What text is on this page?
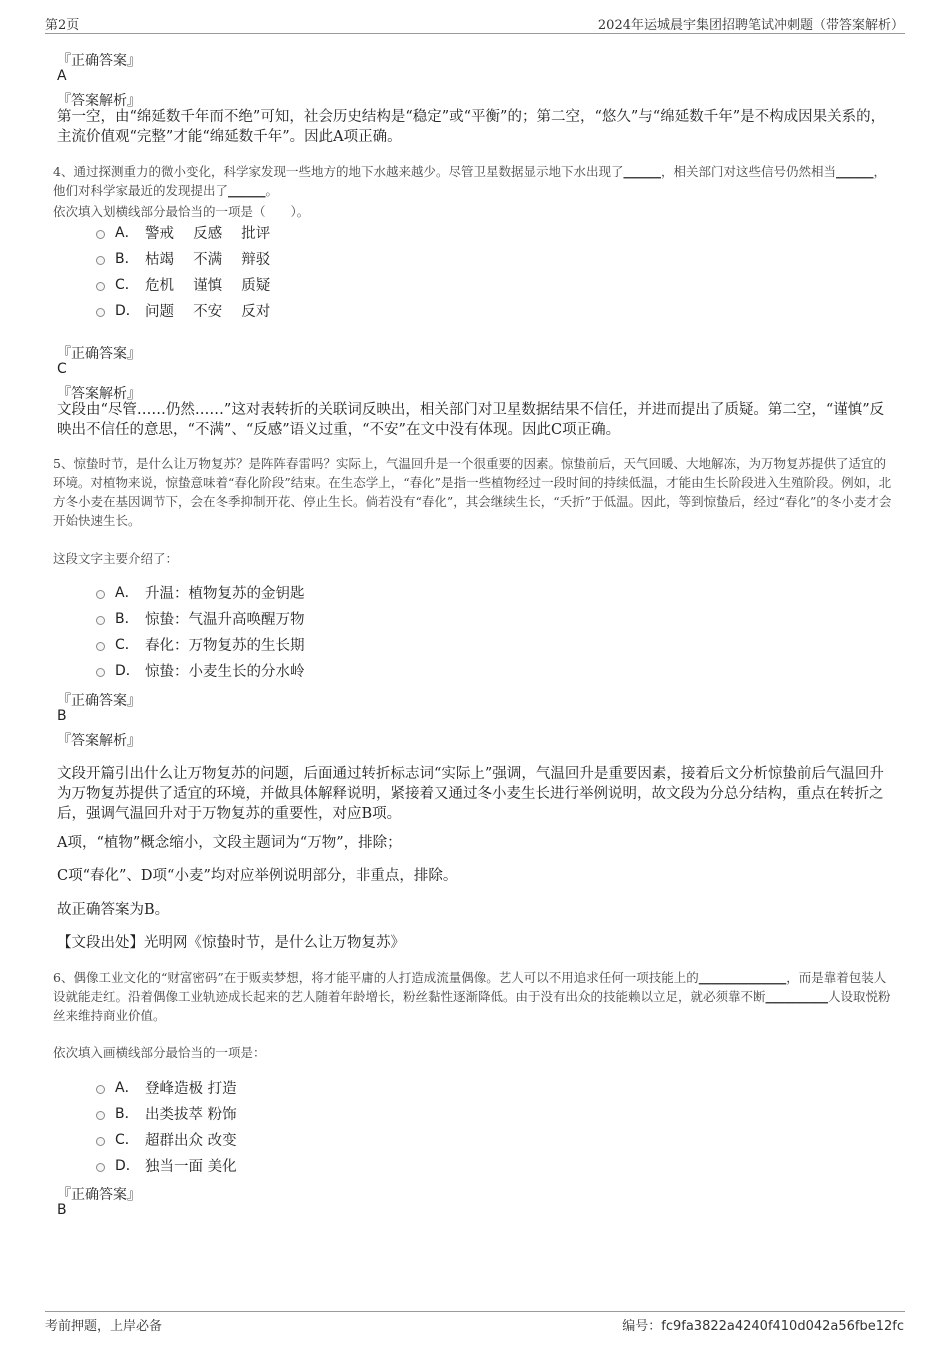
第2页	2024年运城晨宇集团招聘笔试冲刺题（带答案解析）
『正确答案』
A
『答案解析』
第一空，由“绵延数千年而不绝”可知，社会历史结构是“稳定”或“平衡”的；第二空，“悠久”与“绵延数千年”是不构成因果关系的，主流价值观“完整”才能“绵延数千年”。因此A项正确。
4、通过探测重力的微小变化，科学家发现一些地方的地下水越来越少。尽管卫星数据显示地下水出现了______，相关部门对这些信号仍然相当______，他们对科学家最近的发现提出了______。
依次填入划横线部分最恰当的一项是（　　）。
A． 警戒　 反感　 批评
B． 枯竭　 不满　 辩驳
C． 危机　 谨慎　 质疑
D． 问题　 不安　 反对
『正确答案』
C
『答案解析』
文段由“尽管……仍然……”这对表转折的关联词反映出，相关部门对卫星数据结果不信任，并进而提出了质疑。第二空，“谨慎”反映出不信任的意思，“不满”、“反感”语义过重，“不安”在文中没有体现。因此C项正确。
5、惊蛰时节，是什么让万物复苏？是阵阵春雷吗？实际上，气温回升是一个很重要的因素。惊蛰前后，天气回暖、大地解冻，为万物复苏提供了适宜的环境。对植物来说，惊蛰意味着“春化阶段”结束。在生态学上，“春化”是指一些植物经过一段时间的持续低温，才能由生长阶段进入生殖阶段。例如，北方冬小麦在基因调节下，会在冬季抑制开花、停止生长。倘若没有“春化”，其会继续生长，“夭折”于低温。因此，等到惊蛰后，经过“春化”的冬小麦才会开始快速生长。
这段文字主要介绍了：
A． 升温：植物复苏的金钥匙
B． 惊蛰：气温升高唤醒万物
C． 春化：万物复苏的生长期
D． 惊蛰：小麦生长的分水岭
『正确答案』
B
『答案解析』
文段开篇引出什么让万物复苏的问题，后面通过转折标志词“实际上”强调，气温回升是重要因素，接着后文分析惊蛰前后气温回升为万物复苏提供了适宜的环境，并做具体解释说明，紧接着又通过冬小麦生长进行举例说明，故文段为分总分结构，重点在转折之后，强调气温回升对于万物复苏的重要性，对应B项。
A项，“植物”概念缩小，文段主题词为“万物”，排除；
C项“春化”、D项“小麦”均对应举例说明部分，非重点，排除。
故正确答案为B。
【文段出处】光明网《惊蛰时节，是什么让万物复苏》
6、偶像工业文化的“财富密码”在于贩卖梦想，将才能平庸的人打造成流量偶像。艺人可以不用追求任何一项技能上的______________，而是靠着包装人设就能走红。沿着偶像工业轨迹成长起来的艺人随着年龄增长，粉丝黏性逐渐降低。由于没有出众的技能赖以立足，就必须靠不断__________人设取悦粉丝来维持商业价值。
依次填入画横线部分最恰当的一项是：
A． 登峰造极 打造
B． 出类拔萃 粉饰
C． 超群出众 改变
D． 独当一面 美化
『正确答案』
B
考前押题，上岸必备	编号：fc9fa3822a4240f410d042a56fbe12fc
